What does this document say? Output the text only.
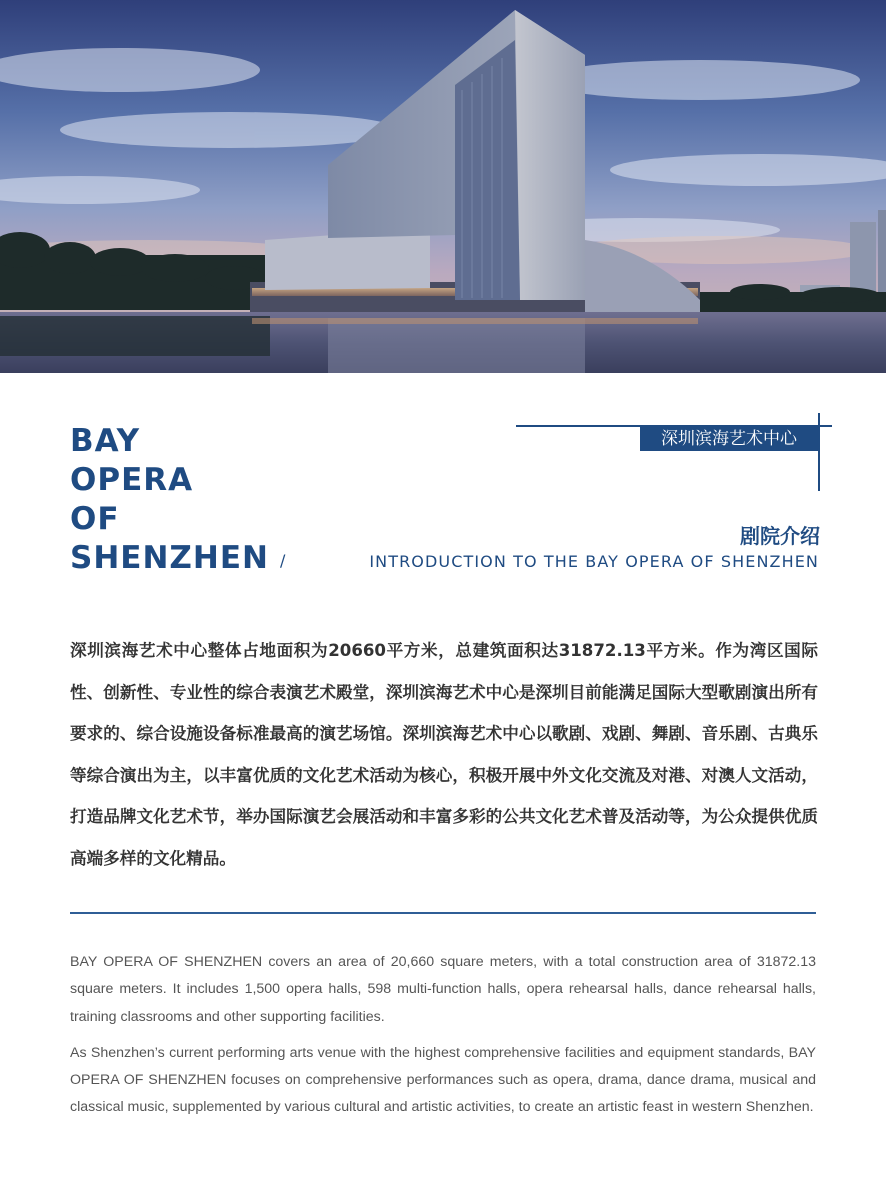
BAY
OPERA
OF
SHENZHEN /
深圳滨海艺术中心
剧院介绍
INTRODUCTION TO THE BAY OPERA OF SHENZHEN
深圳滨海艺术中心整体占地面积为20660平方米，总建筑面积达31872.13平方米。作为湾区国际性、创新性、专业性的综合表演艺术殿堂，深圳滨海艺术中心是深圳目前能满足国际大型歌剧演出所有要求的、综合设施设备标准最高的演艺场馆。深圳滨海艺术中心以歌剧、戏剧、舞剧、音乐剧、古典乐等综合演出为主，以丰富优质的文化艺术活动为核心，积极开展中外文化交流及对港、对澳人文活动，打造品牌文化艺术节，举办国际演艺会展活动和丰富多彩的公共文化艺术普及活动等，为公众提供优质高端多样的文化精品。

BAY OPERA OF SHENZHEN covers an area of 20,660 square meters, with a total construction area of 31872.13 square meters. It includes 1,500 opera halls, 598 multi-function halls, opera rehearsal halls, dance rehearsal halls, training classrooms and other supporting facilities.

As Shenzhen’s current performing arts venue with the highest comprehensive facilities and equipment standards, BAY OPERA OF SHENZHEN focuses on comprehensive performances such as opera, drama, dance drama, musical and classical music, supplemented by various cultural and artistic activities, to create an artistic feast in western Shenzhen.
